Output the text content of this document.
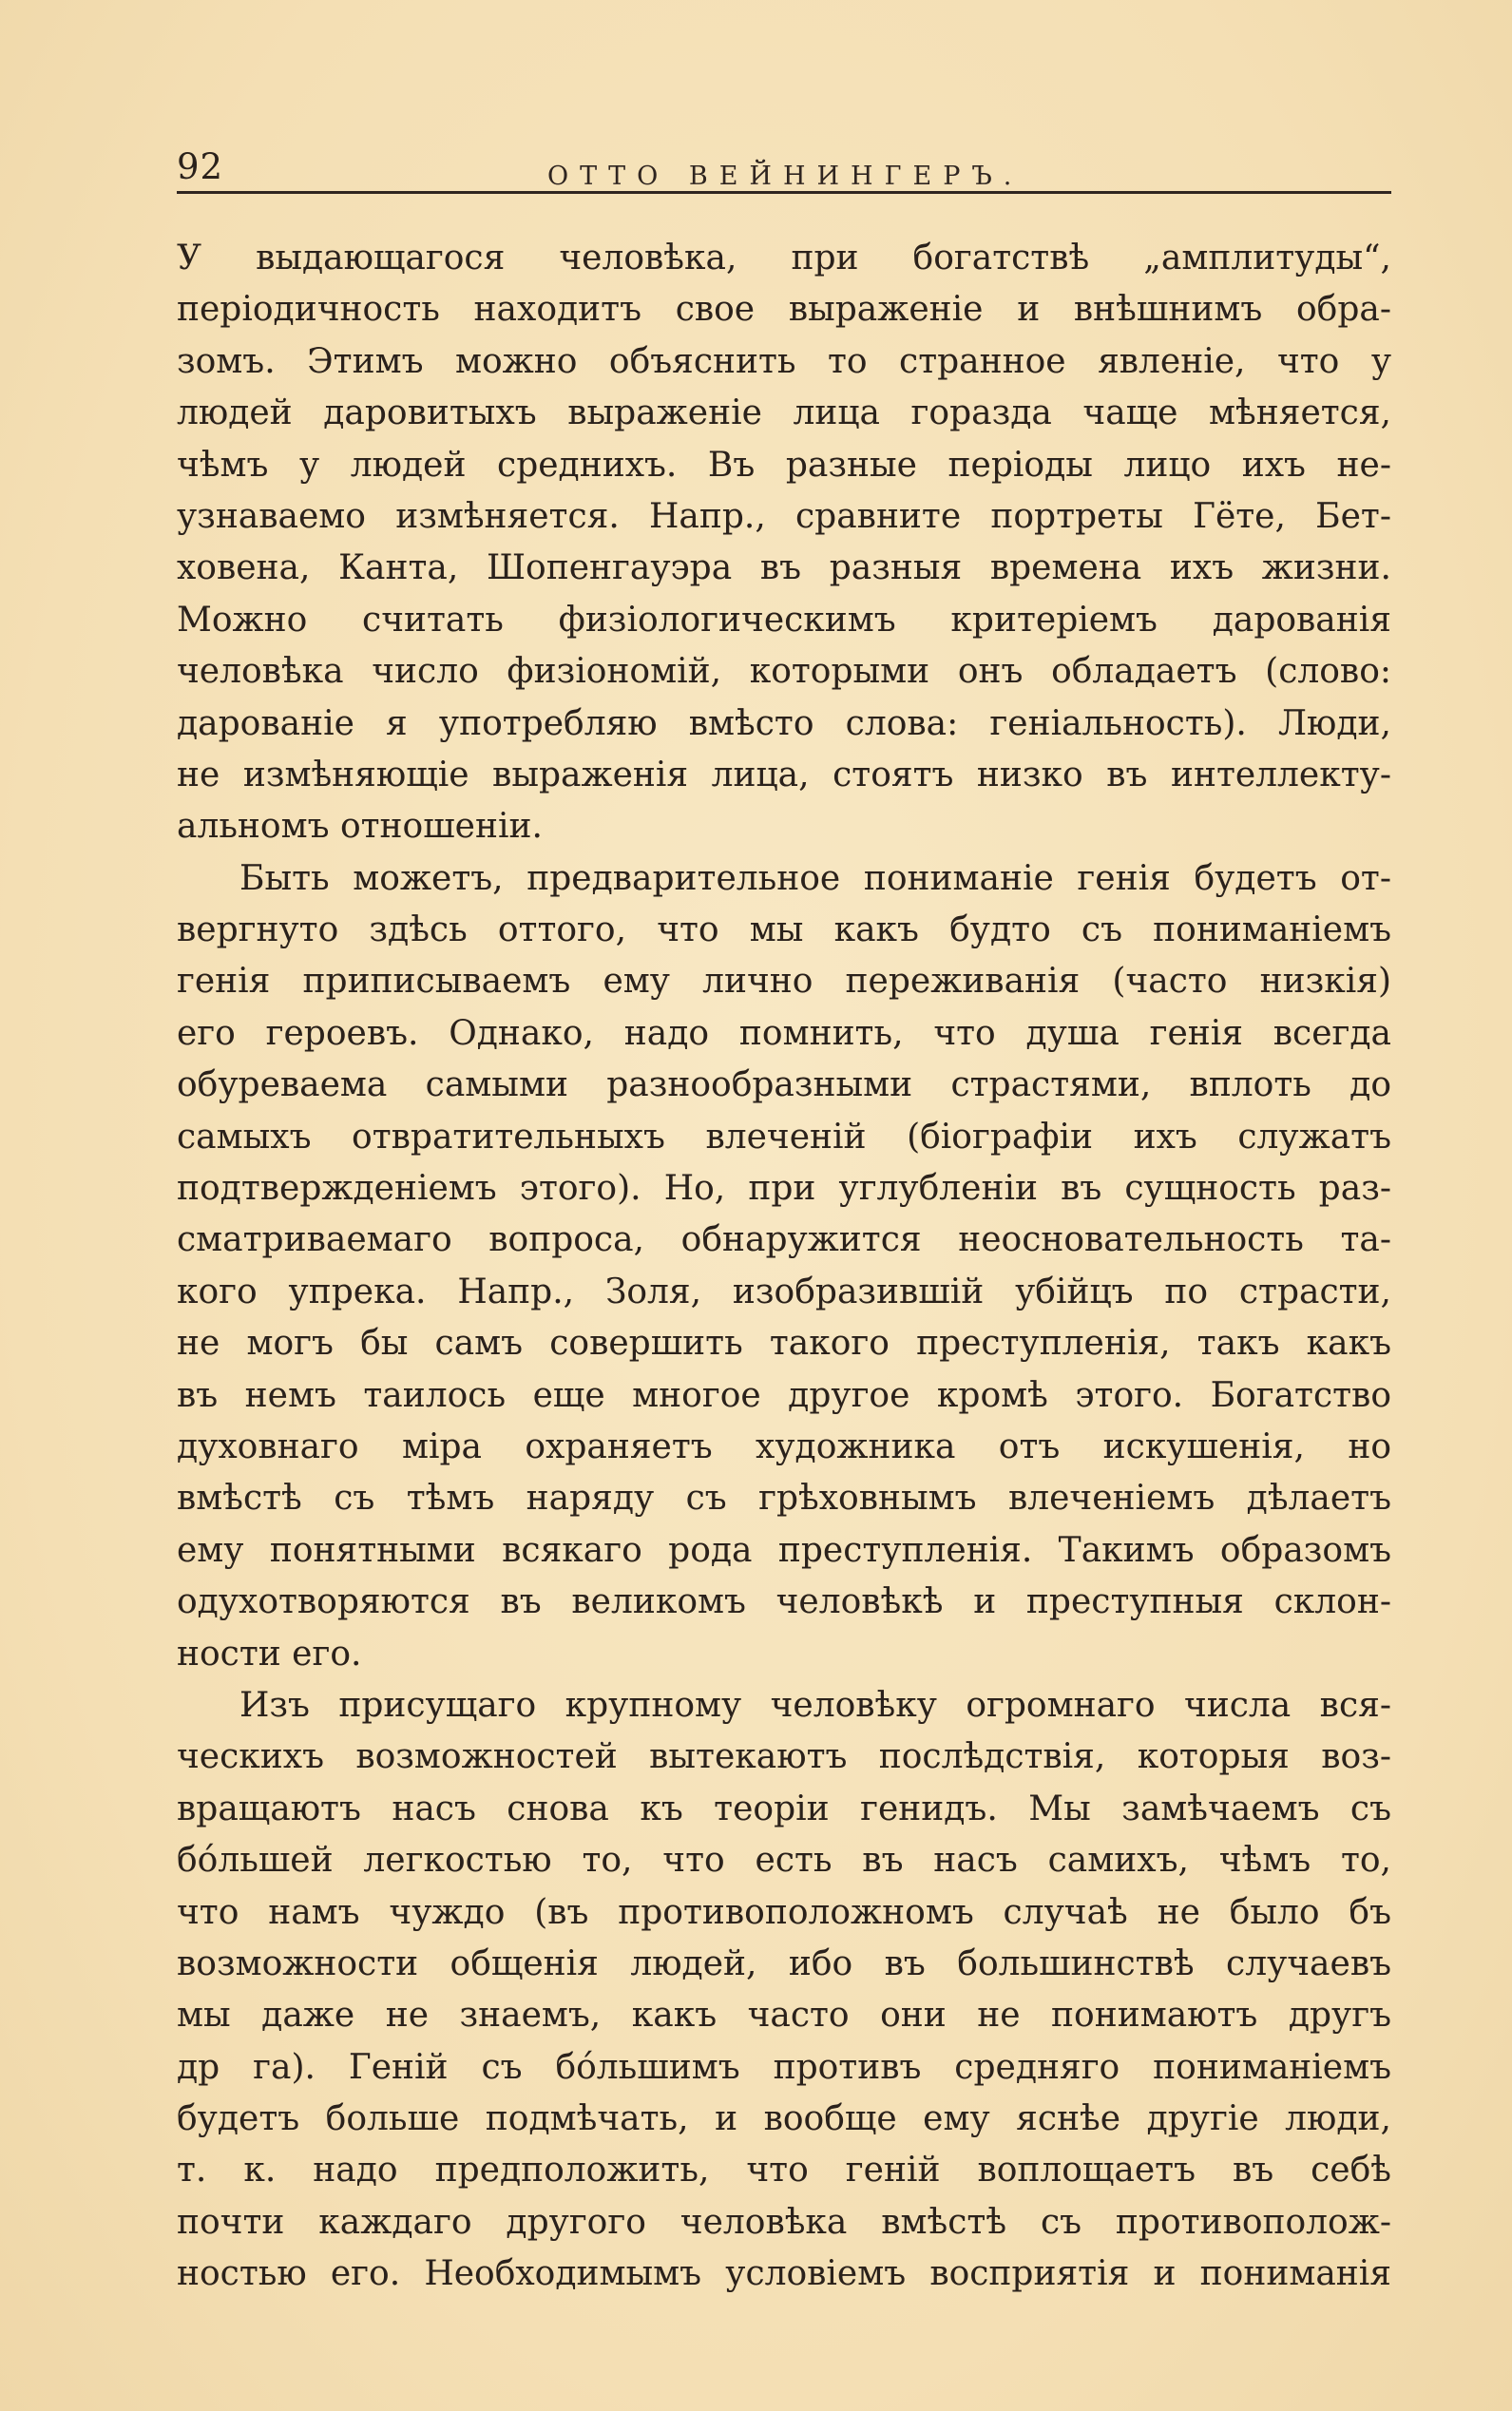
92	ОТТО ВЕЙНИНГЕРЪ.
У выдающагося человѣка, при богатствѣ „амплитуды“,
періодичность находитъ свое выраженіе и внѣшнимъ обра-
зомъ. Этимъ можно объяснить то странное явленіе, что у
людей даровитыхъ выраженіе лица горазда чаще мѣняется,
чѣмъ у людей среднихъ. Въ разные періоды лицо ихъ не-
узнаваемо измѣняется. Напр., сравните портреты Гёте, Бет-
ховена, Канта, Шопенгауэра въ разныя времена ихъ жизни.
Можно считать физіологическимъ критеріемъ дарованія
человѣка число физіономій, которыми онъ обладаетъ (слово:
дарованіе я употребляю вмѣсто слова: геніальность). Люди,
не измѣняющіе выраженія лица, стоятъ низко въ интеллекту-
альномъ отношеніи.
Быть можетъ, предварительное пониманіе генія будетъ от-
вергнуто здѣсь оттого, что мы какъ будто съ пониманіемъ
генія приписываемъ ему лично переживанія (часто низкія)
его героевъ. Однако, надо помнить, что душа генія всегда
обуреваема самыми разнообразными страстями, вплоть до
самыхъ отвратительныхъ влеченій (біографіи ихъ служатъ
подтвержденіемъ этого). Но, при углубленіи въ сущность раз-
сматриваемаго вопроса, обнаружится неосновательность та-
кого упрека. Напр., Золя, изобразившій убійцъ по страсти,
не могъ бы самъ совершить такого преступленія, такъ какъ
въ немъ таилось еще многое другое кромѣ этого. Богатство
духовнаго міра охраняетъ художника отъ искушенія, но
вмѣстѣ съ тѣмъ наряду съ грѣховнымъ влеченіемъ дѣлаетъ
ему понятными всякаго рода преступленія. Такимъ образомъ
одухотворяются въ великомъ человѣкѣ и преступныя склон-
ности его.
Изъ присущаго крупному человѣку огромнаго числа вся-
ческихъ возможностей вытекаютъ послѣдствія, которыя воз-
вращаютъ насъ снова къ теоріи генидъ. Мы замѣчаемъ съ
бо́льшей легкостью то, что есть въ насъ самихъ, чѣмъ то,
что намъ чуждо (въ противоположномъ случаѣ не было бъ
возможности общенія людей, ибо въ большинствѣ случаевъ
мы даже не знаемъ, какъ часто они не понимаютъ другъ
др га). Геній съ бо́льшимъ противъ средняго пониманіемъ
будетъ больше подмѣчать, и вообще ему яснѣе другіе люди,
т. к. надо предположить, что геній воплощаетъ въ себѣ
почти каждаго другого человѣка вмѣстѣ съ противополож-
ностью его. Необходимымъ условіемъ восприятія и пониманія
